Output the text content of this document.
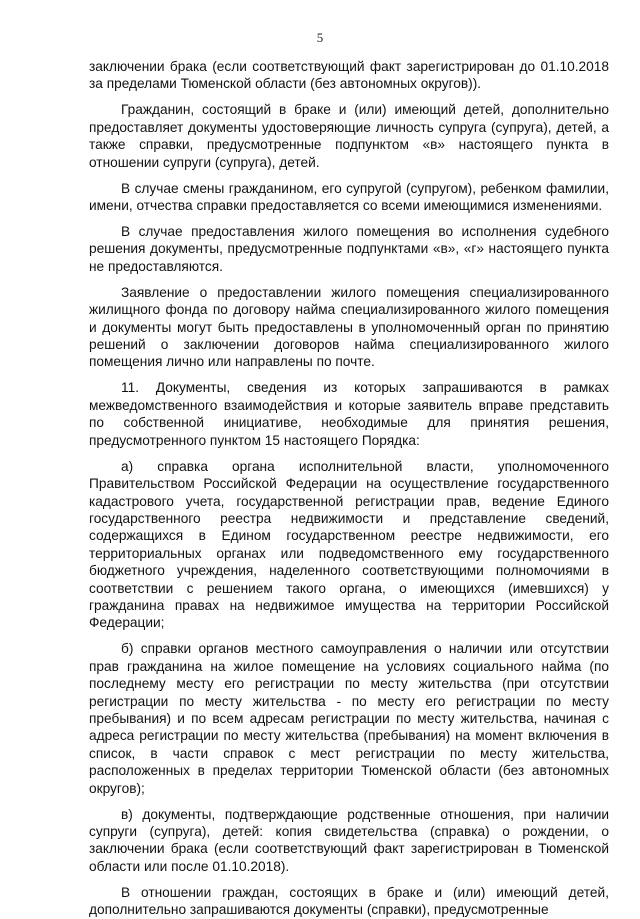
5

заключении брака (если соответствующий факт зарегистрирован до 01.10.2018 за пределами Тюменской области (без автономных округов)).

Гражданин, состоящий в браке и (или) имеющий детей, дополнительно предоставляет документы удостоверяющие личность супруга (супруга), детей, а также справки, предусмотренные подпунктом «в» настоящего пункта в отношении супруги (супруга), детей.

В случае смены гражданином, его супругой (супругом), ребенком фамилии, имени, отчества справки предоставляется со всеми имеющимися изменениями.

В случае предоставления жилого помещения во исполнения судебного решения документы, предусмотренные подпунктами «в», «г» настоящего пункта не предоставляются.

Заявление о предоставлении жилого помещения специализированного жилищного фонда по договору найма специализированного жилого помещения и документы могут быть предоставлены в уполномоченный орган по принятию решений о заключении договоров найма специализированного жилого помещения лично или направлены по почте.

11. Документы, сведения из которых запрашиваются в рамках межведомственного взаимодействия и которые заявитель вправе представить по собственной инициативе, необходимые для принятия решения, предусмотренного пунктом 15 настоящего Порядка:

а) справка органа исполнительной власти, уполномоченного Правительством Российской Федерации на осуществление государственного кадастрового учета, государственной регистрации прав, ведение Единого государственного реестра недвижимости и представление сведений, содержащихся в Едином государственном реестре недвижимости, его территориальных органах или подведомственного ему государственного бюджетного учреждения, наделенного соответствующими полномочиями в соответствии с решением такого органа, о имеющихся (имевшихся) у гражданина правах на недвижимое имущества на территории Российской Федерации;

б) справки органов местного самоуправления о наличии или отсутствии прав гражданина на жилое помещение на условиях социального найма (по последнему месту его регистрации по месту жительства (при отсутствии регистрации по месту жительства - по месту его регистрации по месту пребывания) и по всем адресам регистрации по месту жительства, начиная с адреса регистрации по месту жительства (пребывания) на момент включения в список, в части справок с мест регистрации по месту жительства, расположенных в пределах территории Тюменской области (без автономных округов);

в) документы, подтверждающие родственные отношения, при наличии супруги (супруга), детей: копия свидетельства (справка) о рождении, о заключении брака (если соответствующий факт зарегистрирован в Тюменской области или после 01.10.2018).

В отношении граждан, состоящих в браке и (или) имеющий детей, дополнительно запрашиваются документы (справки), предусмотренные
